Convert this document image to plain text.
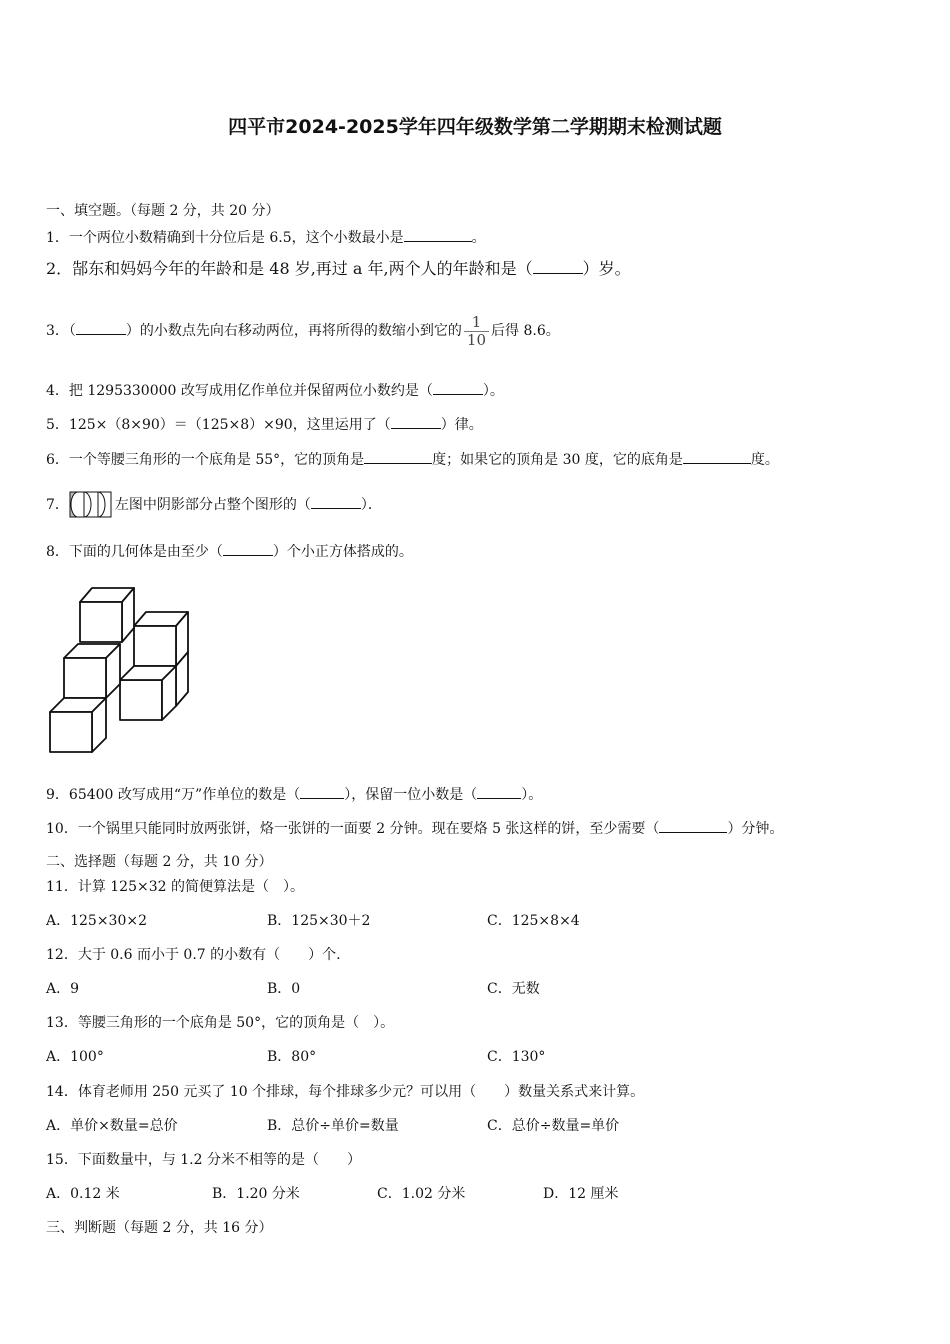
四平市2024-2025学年四年级数学第二学期期末检测试题
一、填空题。（每题 2 分，共 20 分）
1．一个两位小数精确到十分位后是 6.5，这个小数最小是	。
2．郜东和妈妈今年的年龄和是 48 岁,再过 a 年,两个人的年龄和是（	）岁。
3．（	）的小数点先向右移动两位，再将所得的数缩小到它的 $\frac{1}{10}$ 后得 8.6。
4．把 1295330000 改写成用亿作单位并保留两位小数约是（	）。
5．125×（8×90）＝（125×8）×90，这里运用了（	）律。
6．一个等腰三角形的一个底角是 55°，它的顶角是	度；如果它的顶角是 30 度，它的底角是	度。
7．	左图中阴影部分占整个图形的（	）．
8．下面的几何体是由至少（	）个小正方体搭成的。
9．65400 改写成用“万”作单位的数是（	），保留一位小数是（	）。
10．一个锅里只能同时放两张饼，烙一张饼的一面要 2 分钟。现在要烙 5 张这样的饼，至少需要（	）分钟。
二、选择题（每题 2 分，共 10 分）
11．计算 125×32 的简便算法是（　）。
A．125×30×2	B．125×30＋2	C．125×8×4
12．大于 0.6 而小于 0.7 的小数有（　　）个.
A．9	B．0	C．无数
13．等腰三角形的一个底角是 50°，它的顶角是（　）。
A．100°	B．80°	C．130°
14．体育老师用 250 元买了 10 个排球，每个排球多少元？可以用（　　）数量关系式来计算。
A．单价×数量=总价	B．总价÷单价=数量	C．总价÷数量=单价
15．下面数量中，与 1.2 分米不相等的是（　　）
A．0.12 米	B．1.20 分米	C．1.02 分米	D．12 厘米
三、判断题（每题 2 分，共 16 分）
